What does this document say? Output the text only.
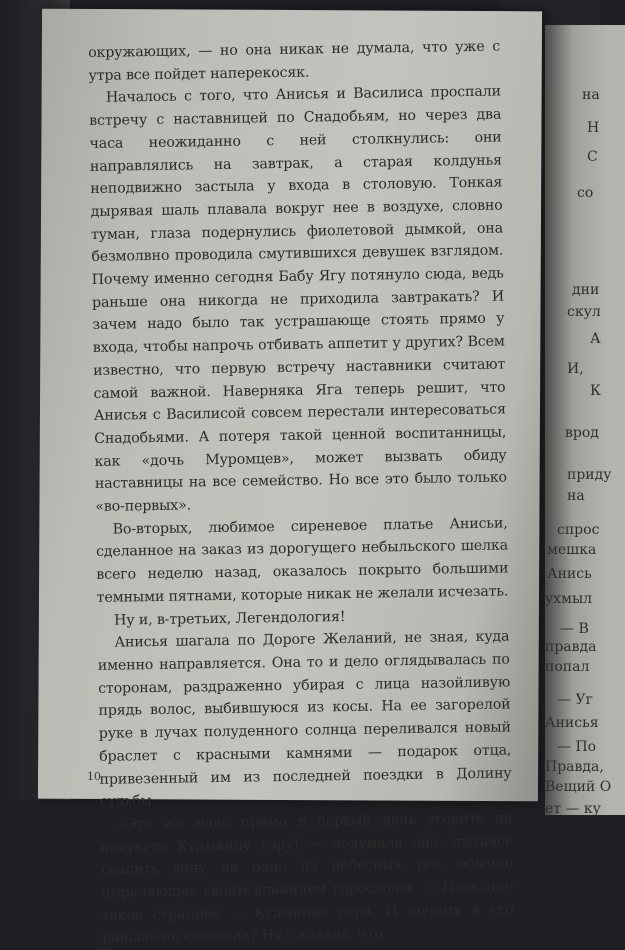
на
Н
С
со
дни
скул
А
И,
К
врод
приду
на
спрос
мешка
Анись
ухмыл
— В
правда
попал
— Уг
Анисья
— По
Правда,
Вещий О
ет — ку

окружающих, — но она никак не думала, что уже с утра все пойдет наперекосяк.

Началось с того, что Анисья и Василиса проспали встречу с наставницей по Снадобьям, но через два часа неожиданно с ней столкнулись: они направлялись на завтрак, а старая колдунья неподвижно застыла у входа в столовую. Тонкая дырявая шаль плавала вокруг нее в воздухе, словно туман, глаза подернулись фиолетовой дымкой, она безмолвно проводила смутившихся девушек взглядом. Почему именно сегодня Бабу Ягу потянуло сюда, ведь раньше она никогда не приходила завтракать? И зачем надо было так устрашающе стоять прямо у входа, чтобы напрочь отбивать аппетит у других? Всем известно, что первую встречу наставники считают самой важной. Наверняка Яга теперь решит, что Анисья с Василисой совсем перестали интересоваться Снадобьями. А потеря такой ценной воспитанницы, как «дочь Муромцев», может вызвать обиду наставницы на все семейство. Но все это было только «во-первых».

Во-вторых, любимое сиреневое платье Анисьи, сделанное на заказ из дорогущего небыльского шелка всего неделю назад, оказалось покрыто большими темными пятнами, которые никак не желали исчезать.

Ну и, в-третьих, Легендология!

Анисья шагала по Дороге Желаний, не зная, куда именно направляется. Она то и дело оглядывалась по сторонам, раздраженно убирая с лица назойливую прядь волос, выбившуюся из косы. На ее загорелой руке в лучах полуденного солнца переливался новый браслет с красными камнями — подарок отца, привезенный им из последней поездки в Долину судьбы.

«Это же надо прямо в первый день угодить на какую-то Кудыкину гору! — подумала она, пытаясь свалить вину на одно из небесных тел, обычно омрачающее своим влиянием гороскопы. — Название такое странное — Кудыкина гора. И почему я его раньше не слышала? Ну, сказала, что

10
